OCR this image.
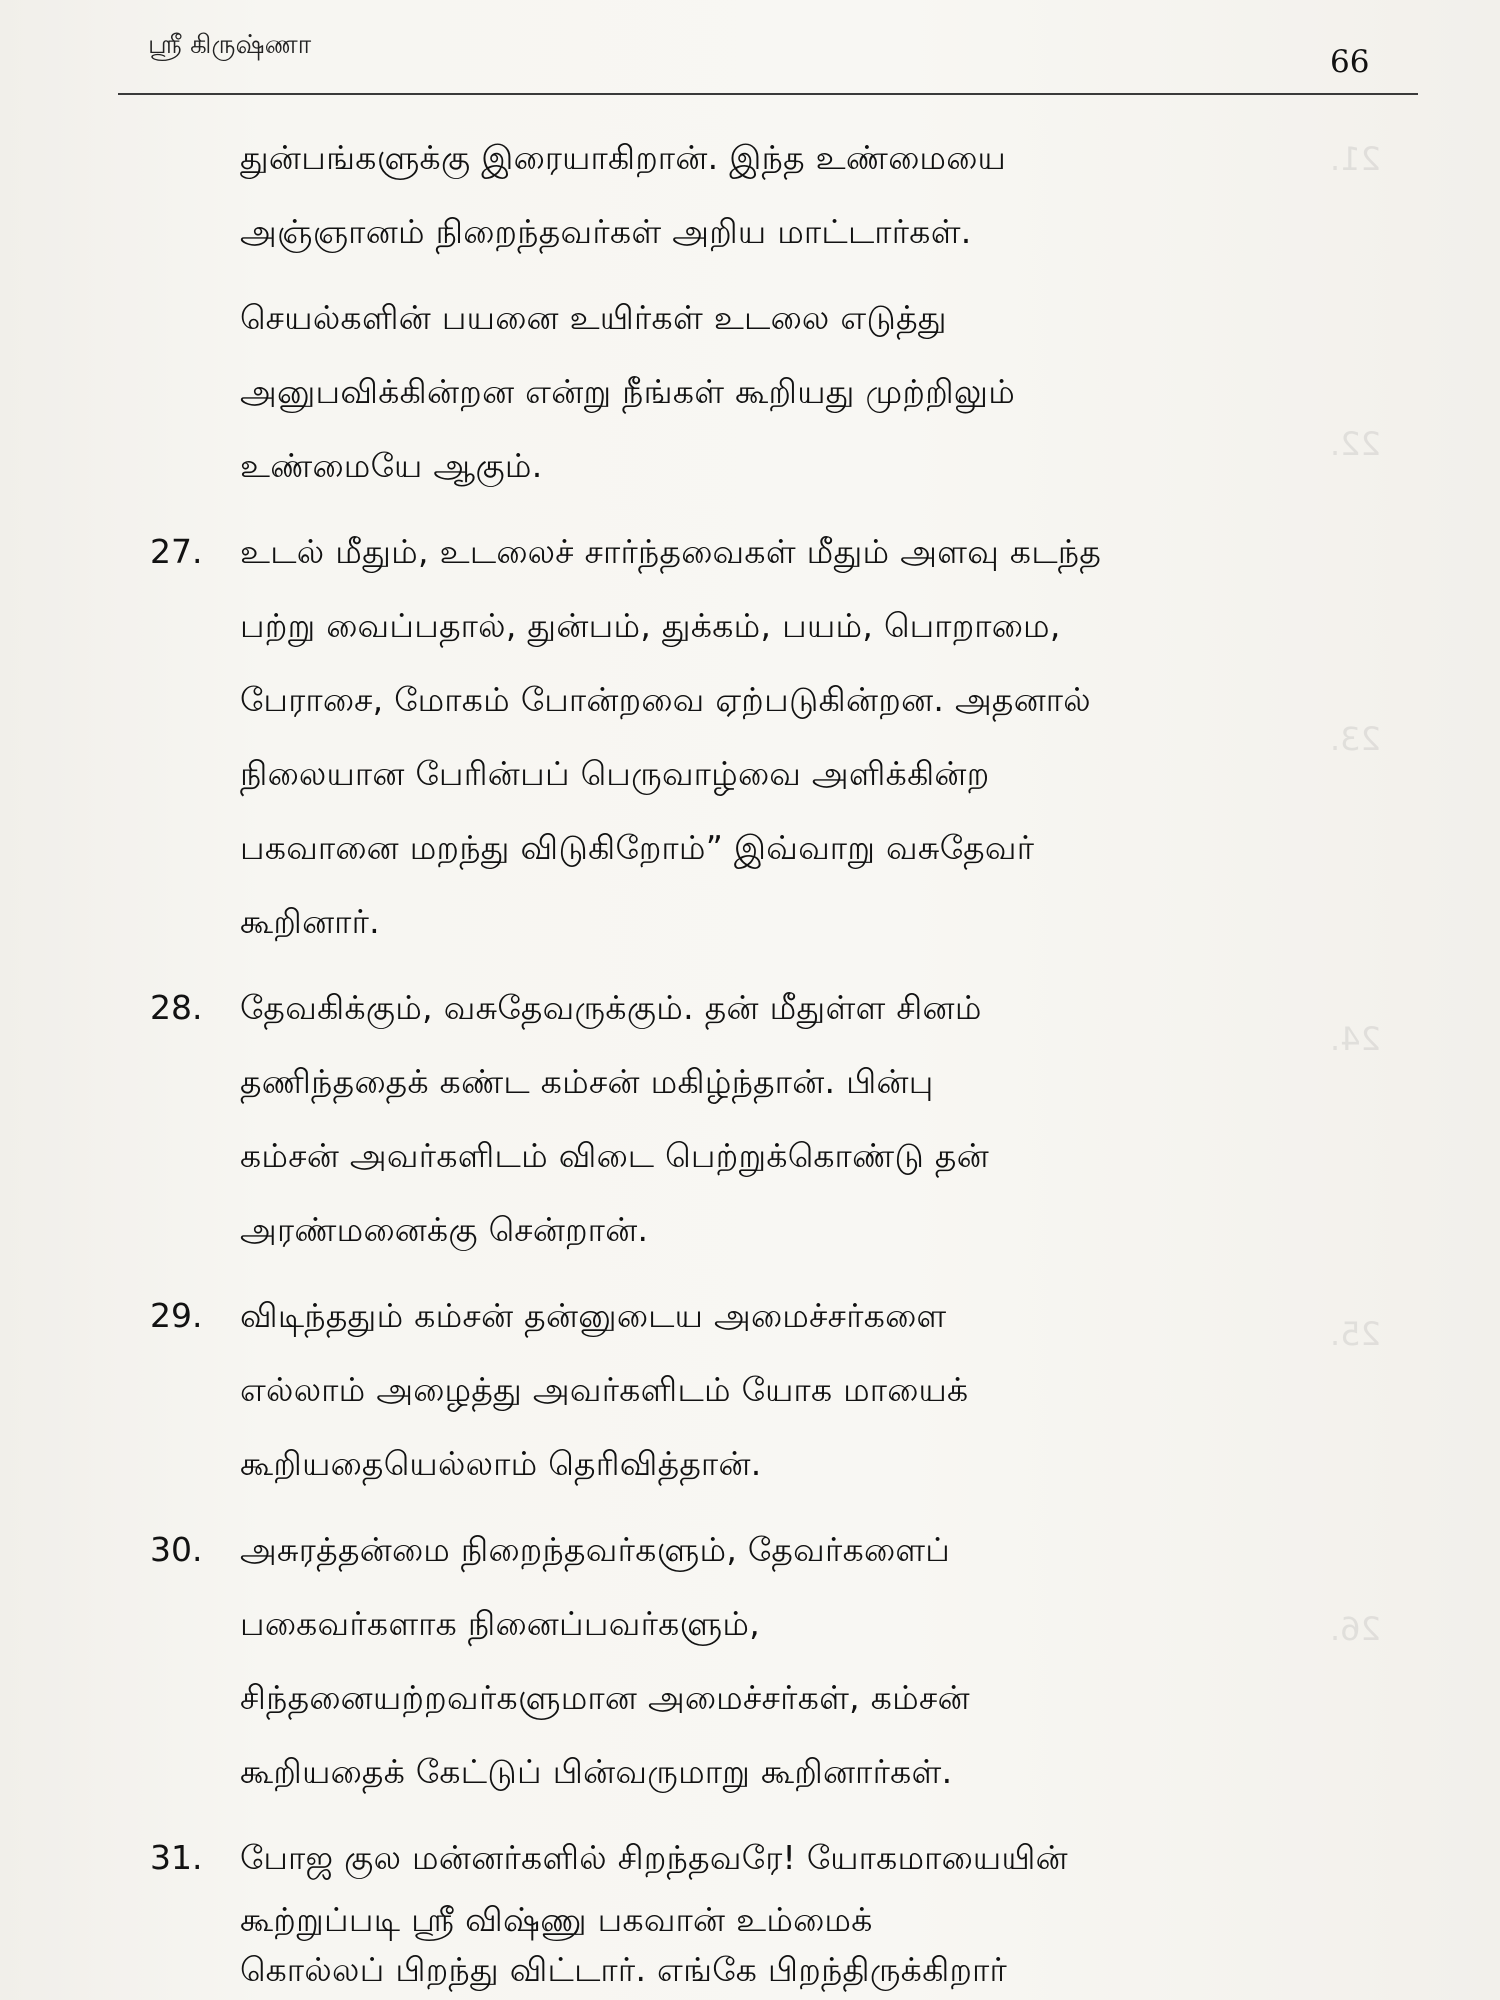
21.
22.
23.
24.
25.
26.
ஸ்ரீ கிருஷ்ணா	66
துன்பங்களுக்கு இரையாகிறான். இந்த உண்மையை
அஞ்ஞானம் நிறைந்தவர்கள் அறிய மாட்டார்கள்.
செயல்களின் பயனை உயிர்கள் உடலை எடுத்து
அனுபவிக்கின்றன என்று நீங்கள் கூறியது முற்றிலும்
உண்மையே ஆகும்.
27. உடல் மீதும், உடலைச் சார்ந்தவைகள் மீதும் அளவு கடந்த
பற்று வைப்பதால், துன்பம், துக்கம், பயம், பொறாமை,
பேராசை, மோகம் போன்றவை ஏற்படுகின்றன. அதனால்
நிலையான பேரின்பப் பெருவாழ்வை அளிக்கின்ற
பகவானை மறந்து விடுகிறோம்” இவ்வாறு வசுதேவர்
கூறினார்.
28. தேவகிக்கும், வசுதேவருக்கும். தன் மீதுள்ள சினம்
தணிந்ததைக் கண்ட கம்சன் மகிழ்ந்தான். பின்பு
கம்சன் அவர்களிடம் விடை பெற்றுக்கொண்டு தன்
அரண்மனைக்கு சென்றான்.
29. விடிந்ததும் கம்சன் தன்னுடைய அமைச்சர்களை
எல்லாம் அழைத்து அவர்களிடம் யோக மாயைக்
கூறியதையெல்லாம் தெரிவித்தான்.
30. அசுரத்தன்மை நிறைந்தவர்களும், தேவர்களைப்
பகைவர்களாக நினைப்பவர்களும்,
சிந்தனையற்றவர்களுமான அமைச்சர்கள், கம்சன்
கூறியதைக் கேட்டுப் பின்வருமாறு கூறினார்கள்.
31. போஜ குல மன்னர்களில் சிறந்தவரே! யோகமாயையின்
கூற்றுப்படி ஸ்ரீ விஷ்ணு பகவான் உம்மைக்
கொல்லப் பிறந்து விட்டார். எங்கே பிறந்திருக்கிறார்
